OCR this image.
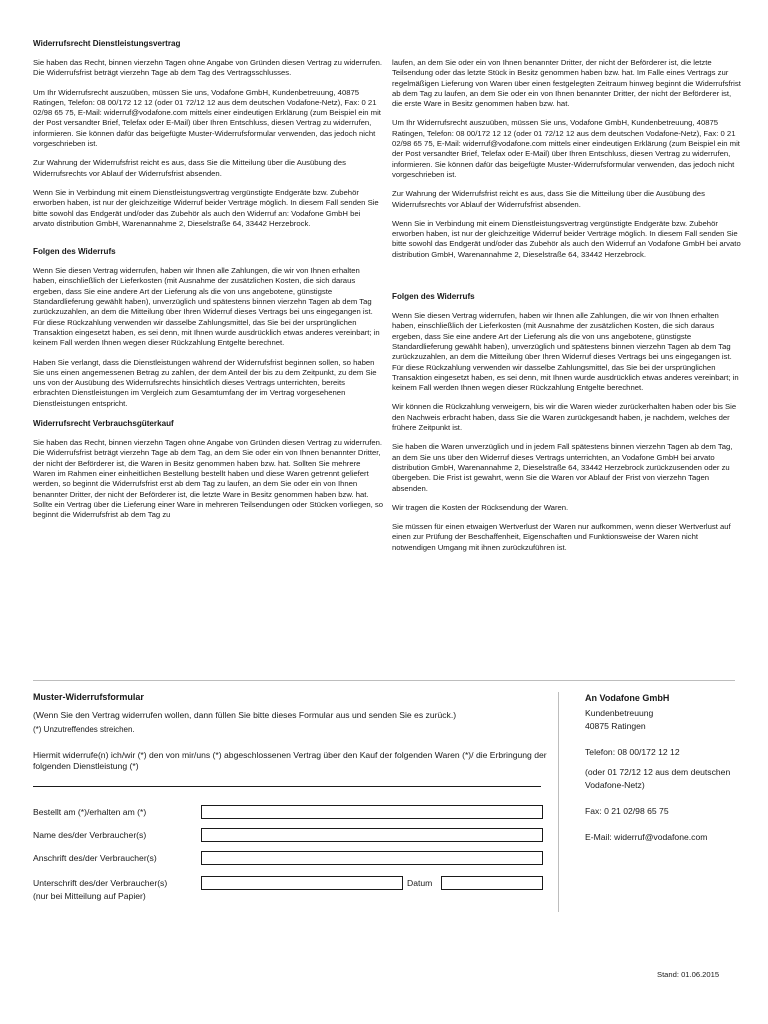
Widerrufsrecht Dienstleistungsvertrag

Sie haben das Recht, binnen vierzehn Tagen ohne Angabe von Gründen diesen Vertrag zu widerrufen. Die Widerrufsfrist beträgt vierzehn Tage ab dem Tag des Vertragsschlusses.

Um Ihr Widerrufsrecht auszuüben, müssen Sie uns, Vodafone GmbH, Kundenbetreuung, 40875 Ratingen, Telefon: 08 00/172 12 12 (oder 01 72/12 12 aus dem deutschen Vodafone-Netz), Fax: 0 21 02/98 65 75, E-Mail: widerruf@vodafone.com mittels einer eindeutigen Erklärung (zum Beispiel ein mit der Post versandter Brief, Telefax oder E-Mail) über Ihren Entschluss, diesen Vertrag zu widerrufen, informieren. Sie können dafür das beigefügte Muster-Widerrufsformular verwenden, das jedoch nicht vorgeschrieben ist.

Zur Wahrung der Widerrufsfrist reicht es aus, dass Sie die Mitteilung über die Ausübung des Widerrufsrechts vor Ablauf der Widerrufsfrist absenden.

Wenn Sie in Verbindung mit einem Dienstleistungsvertrag vergünstigte Endgeräte bzw. Zubehör erworben haben, ist nur der gleichzeitige Widerruf beider Verträge möglich. In diesem Fall senden Sie bitte sowohl das Endgerät und/oder das Zubehör als auch den Widerruf an: Vodafone GmbH bei arvato distribution GmbH, Warenannahme 2, Dieselstraße 64, 33442 Herzebrock.

Folgen des Widerrufs

Wenn Sie diesen Vertrag widerrufen, haben wir Ihnen alle Zahlungen, die wir von Ihnen erhalten haben, einschließlich der Lieferkosten (mit Ausnahme der zusätzlichen Kosten, die sich daraus ergeben, dass Sie eine andere Art der Lieferung als die von uns angebotene, günstigste Standardlieferung gewählt haben), unverzüglich und spätestens binnen vierzehn Tagen ab dem Tag zurückzuzahlen, an dem die Mitteilung über Ihren Widerruf dieses Vertrags bei uns eingegangen ist. Für diese Rückzahlung verwenden wir dasselbe Zahlungsmittel, das Sie bei der ursprünglichen Transaktion eingesetzt haben, es sei denn, mit Ihnen wurde ausdrücklich etwas anderes vereinbart; in keinem Fall werden Ihnen wegen dieser Rückzahlung Entgelte berechnet.

Haben Sie verlangt, dass die Dienstleistungen während der Widerrufsfrist beginnen sollen, so haben Sie uns einen angemessenen Betrag zu zahlen, der dem Anteil der bis zu dem Zeitpunkt, zu dem Sie uns von der Ausübung des Widerrufsrechts hinsichtlich dieses Vertrags unterrichten, bereits erbrachten Dienstleistungen im Vergleich zum Gesamtumfang der im Vertrag vorgesehenen Dienstleistungen entspricht.

Widerrufsrecht Verbrauchsgüterkauf

Sie haben das Recht, binnen vierzehn Tagen ohne Angabe von Gründen diesen Vertrag zu widerrufen. Die Widerrufsfrist beträgt vierzehn Tage ab dem Tag, an dem Sie oder ein von Ihnen benannter Dritter, der nicht der Beförderer ist, die Waren in Besitz genommen haben bzw. hat. Sollten Sie mehrere Waren im Rahmen einer einheitlichen Bestellung bestellt haben und diese Waren getrennt geliefert werden, so beginnt die Widerrufsfrist erst ab dem Tag zu laufen, an dem Sie oder ein von Ihnen benannter Dritter, der nicht der Beförderer ist, die letzte Ware in Besitz genommen haben bzw. hat. Sollte ein Vertrag über die Lieferung einer Ware in mehreren Teilsendungen oder Stücken vorliegen, so beginnt die Widerrufsfrist ab dem Tag zu

laufen, an dem Sie oder ein von Ihnen benannter Dritter, der nicht der Beförderer ist, die letzte Teilsendung oder das letzte Stück in Besitz genommen haben bzw. hat. Im Falle eines Vertrags zur regelmäßigen Lieferung von Waren über einen festgelegten Zeitraum hinweg beginnt die Widerrufsfrist ab dem Tag zu laufen, an dem Sie oder ein von Ihnen benannter Dritter, der nicht der Beförderer ist, die erste Ware in Besitz genommen haben bzw. hat.

Um Ihr Widerrufsrecht auszuüben, müssen Sie uns, Vodafone GmbH, Kundenbetreuung, 40875 Ratingen, Telefon: 08 00/172 12 12 (oder 01 72/12 12 aus dem deutschen Vodafone-Netz), Fax: 0 21 02/98 65 75, E-Mail: widerruf@vodafone.com mittels einer eindeutigen Erklärung (zum Beispiel ein mit der Post versandter Brief, Telefax oder E-Mail) über Ihren Entschluss, diesen Vertrag zu widerrufen, informieren. Sie können dafür das beigefügte Muster-Widerrufsformular verwenden, das jedoch nicht vorgeschrieben ist.

Zur Wahrung der Widerrufsfrist reicht es aus, dass Sie die Mitteilung über die Ausübung des Widerrufsrechts vor Ablauf der Widerrufsfrist absenden.

Wenn Sie in Verbindung mit einem Dienstleistungsvertrag vergünstigte Endgeräte bzw. Zubehör erworben haben, ist nur der gleichzeitige Widerruf beider Verträge möglich. In diesem Fall senden Sie bitte sowohl das Endgerät und/oder das Zubehör als auch den Widerruf an Vodafone GmbH bei arvato distribution GmbH, Warenannahme 2, Dieselstraße 64, 33442 Herzebrock.

Folgen des Widerrufs

Wenn Sie diesen Vertrag widerrufen, haben wir Ihnen alle Zahlungen, die wir von Ihnen erhalten haben, einschließlich der Lieferkosten (mit Ausnahme der zusätzlichen Kosten, die sich daraus ergeben, dass Sie eine andere Art der Lieferung als die von uns angebotene, günstigste Standardlieferung gewählt haben), unverzüglich und spätestens binnen vierzehn Tagen ab dem Tag zurückzuzahlen, an dem die Mitteilung über Ihren Widerruf dieses Vertrags bei uns eingegangen ist. Für diese Rückzahlung verwenden wir dasselbe Zahlungsmittel, das Sie bei der ursprünglichen Transaktion eingesetzt haben, es sei denn, mit Ihnen wurde ausdrücklich etwas anderes vereinbart; in keinem Fall werden Ihnen wegen dieser Rückzahlung Entgelte berechnet.

Wir können die Rückzahlung verweigern, bis wir die Waren wieder zurückerhalten haben oder bis Sie den Nachweis erbracht haben, dass Sie die Waren zurückgesandt haben, je nachdem, welches der frühere Zeitpunkt ist.

Sie haben die Waren unverzüglich und in jedem Fall spätestens binnen vierzehn Tagen ab dem Tag, an dem Sie uns über den Widerruf dieses Vertrags unterrichten, an Vodafone GmbH bei arvato distribution GmbH, Warenannahme 2, Dieselstraße 64, 33442 Herzebrock zurückzusenden oder zu übergeben. Die Frist ist gewahrt, wenn Sie die Waren vor Ablauf der Frist von vierzehn Tagen absenden.

Wir tragen die Kosten der Rücksendung der Waren.

Sie müssen für einen etwaigen Wertverlust der Waren nur aufkommen, wenn dieser Wertverlust auf einen zur Prüfung der Beschaffenheit, Eigenschaften und Funktionsweise der Waren nicht notwendigen Umgang mit ihnen zurückzuführen ist.

Muster-Widerrufsformular

(Wenn Sie den Vertrag widerrufen wollen, dann füllen Sie bitte dieses Formular aus und senden Sie es zurück.)

(*) Unzutreffendes streichen.

Hiermit widerrufe(n) ich/wir (*) den von mir/uns (*) abgeschlossenen Vertrag über den Kauf der folgenden Waren (*)/ die Erbringung der folgenden Dienstleistung (*)

Bestellt am (*)/erhalten am (*)
Name des/der Verbraucher(s)
Anschrift des/der Verbraucher(s)
Unterschrift des/der Verbraucher(s)
(nur bei Mitteilung auf Papier)
Datum
An Vodafone GmbH

Kundenbetreuung

40875 Ratingen

Telefon: 08 00/172 12 12

(oder 01 72/12 12 aus dem deutschen Vodafone-Netz)

Fax: 0 21 02/98 65 75

E-Mail: widerruf@vodafone.com

Stand: 01.06.2015
